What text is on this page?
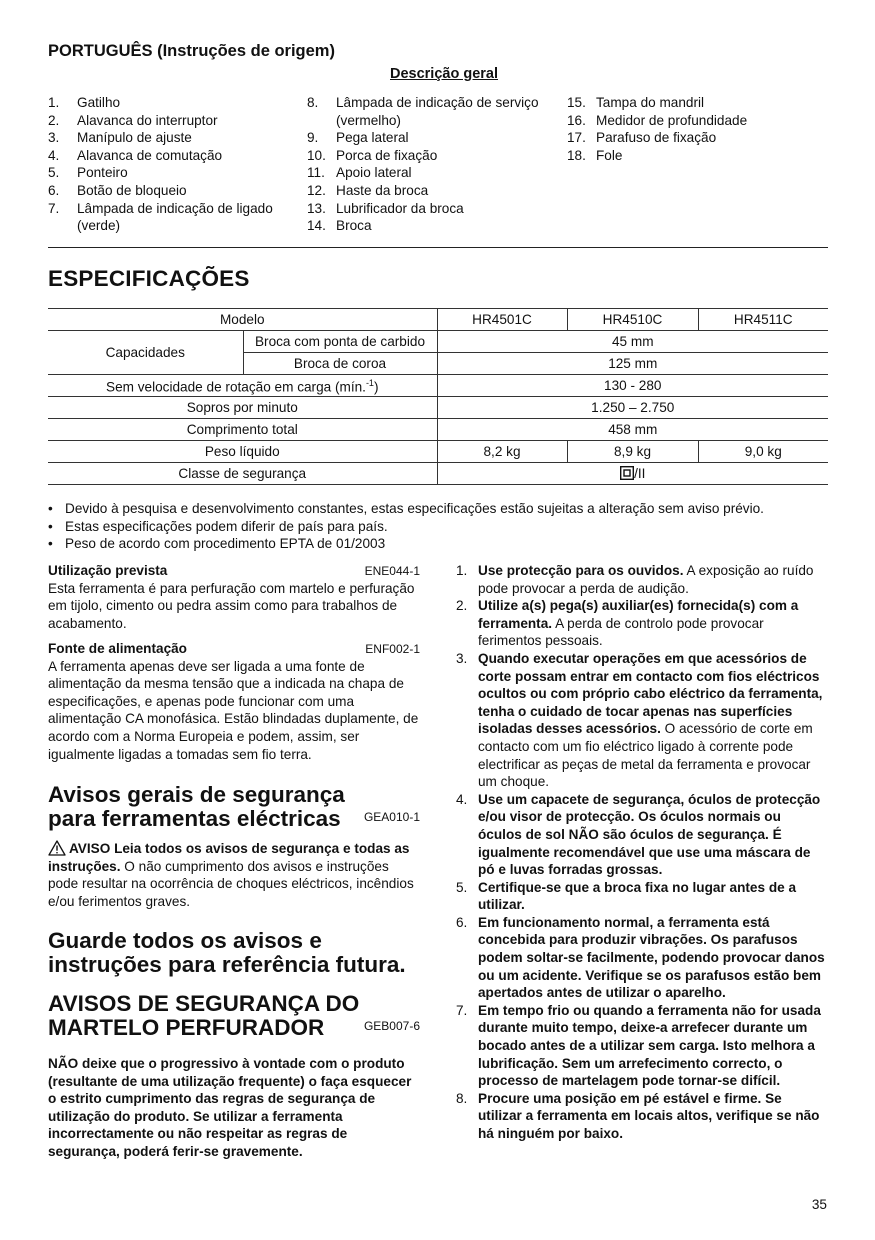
PORTUGUÊS (Instruções de origem)
Descrição geral
1. Gatilho
2. Alavanca do interruptor
3. Manípulo de ajuste
4. Alavanca de comutação
5. Ponteiro
6. Botão de bloqueio
7. Lâmpada de indicação de ligado (verde)
8. Lâmpada de indicação de serviço (vermelho)
9. Pega lateral
10. Porca de fixação
11. Apoio lateral
12. Haste da broca
13. Lubrificador da broca
14. Broca
15. Tampa do mandril
16. Medidor de profundidade
17. Parafuso de fixação
18. Fole
ESPECIFICAÇÕES
Modelo		HR4501C	HR4510C	HR4511C
Capacidades	Broca com ponta de carbido	45 mm		
	Broca de coroa	125 mm		
Sem velocidade de rotação em carga (mín.$^{-1}$)		130 - 280		
Sopros por minuto		1.250 – 2.750		
Comprimento total		458 mm		
Peso líquido		8,2 kg	8,9 kg	9,0 kg
Classe de segurança		/II		
• Devido à pesquisa e desenvolvimento constantes, estas especificações estão sujeitas a alteração sem aviso prévio.
• Estas especificações podem diferir de país para país.
• Peso de acordo com procedimento EPTA de 01/2003
Utilização prevista	ENE044-1
Esta ferramenta é para perfuração com martelo e perfuração em tijolo, cimento ou pedra assim como para trabalhos de acabamento.
Fonte de alimentação	ENF002-1
A ferramenta apenas deve ser ligada a uma fonte de alimentação da mesma tensão que a indicada na chapa de especificações, e apenas pode funcionar com uma alimentação CA monofásica. Estão blindadas duplamente, de acordo com a Norma Europeia e podem, assim, ser igualmente ligadas a tomadas sem fio terra.
Avisos gerais de segurança para ferramentas eléctricas GEA010-1
AVISO Leia todos os avisos de segurança e todas as instruções. O não cumprimento dos avisos e instruções pode resultar na ocorrência de choques eléctricos, incêndios e/ou ferimentos graves.
Guarde todos os avisos e instruções para referência futura.
AVISOS DE SEGURANÇA DO
MARTELO PERFURADOR	GEB007-6
NÃO deixe que o progressivo à vontade com o produto (resultante de uma utilização frequente) o faça esquecer o estrito cumprimento das regras de segurança de utilização do produto. Se utilizar a ferramenta incorrectamente ou não respeitar as regras de segurança, poderá ferir-se gravemente.
1. Use protecção para os ouvidos. A exposição ao ruído pode provocar a perda de audição.
2. Utilize a(s) pega(s) auxiliar(es) fornecida(s) com a ferramenta. A perda de controlo pode provocar ferimentos pessoais.
3. Quando executar operações em que acessórios de corte possam entrar em contacto com fios eléctricos ocultos ou com próprio cabo eléctrico da ferramenta, tenha o cuidado de tocar apenas nas superfícies isoladas desses acessórios. O acessório de corte em contacto com um fio eléctrico ligado à corrente pode electrificar as peças de metal da ferramenta e provocar um choque.
4. Use um capacete de segurança, óculos de protecção e/ou visor de protecção. Os óculos normais ou óculos de sol NÃO são óculos de segurança. É igualmente recomendável que use uma máscara de pó e luvas forradas grossas.
5. Certifique-se que a broca fixa no lugar antes de a utilizar.
6. Em funcionamento normal, a ferramenta está concebida para produzir vibrações. Os parafusos podem soltar-se facilmente, podendo provocar danos ou um acidente. Verifique se os parafusos estão bem apertados antes de utilizar o aparelho.
7. Em tempo frio ou quando a ferramenta não for usada durante muito tempo, deixe-a arrefecer durante um bocado antes de a utilizar sem carga. Isto melhora a lubrificação. Sem um arrefecimento correcto, o processo de martelagem pode tornar-se difícil.
8. Procure uma posição em pé estável e firme. Se utilizar a ferramenta em locais altos, verifique se não há ninguém por baixo.
35
